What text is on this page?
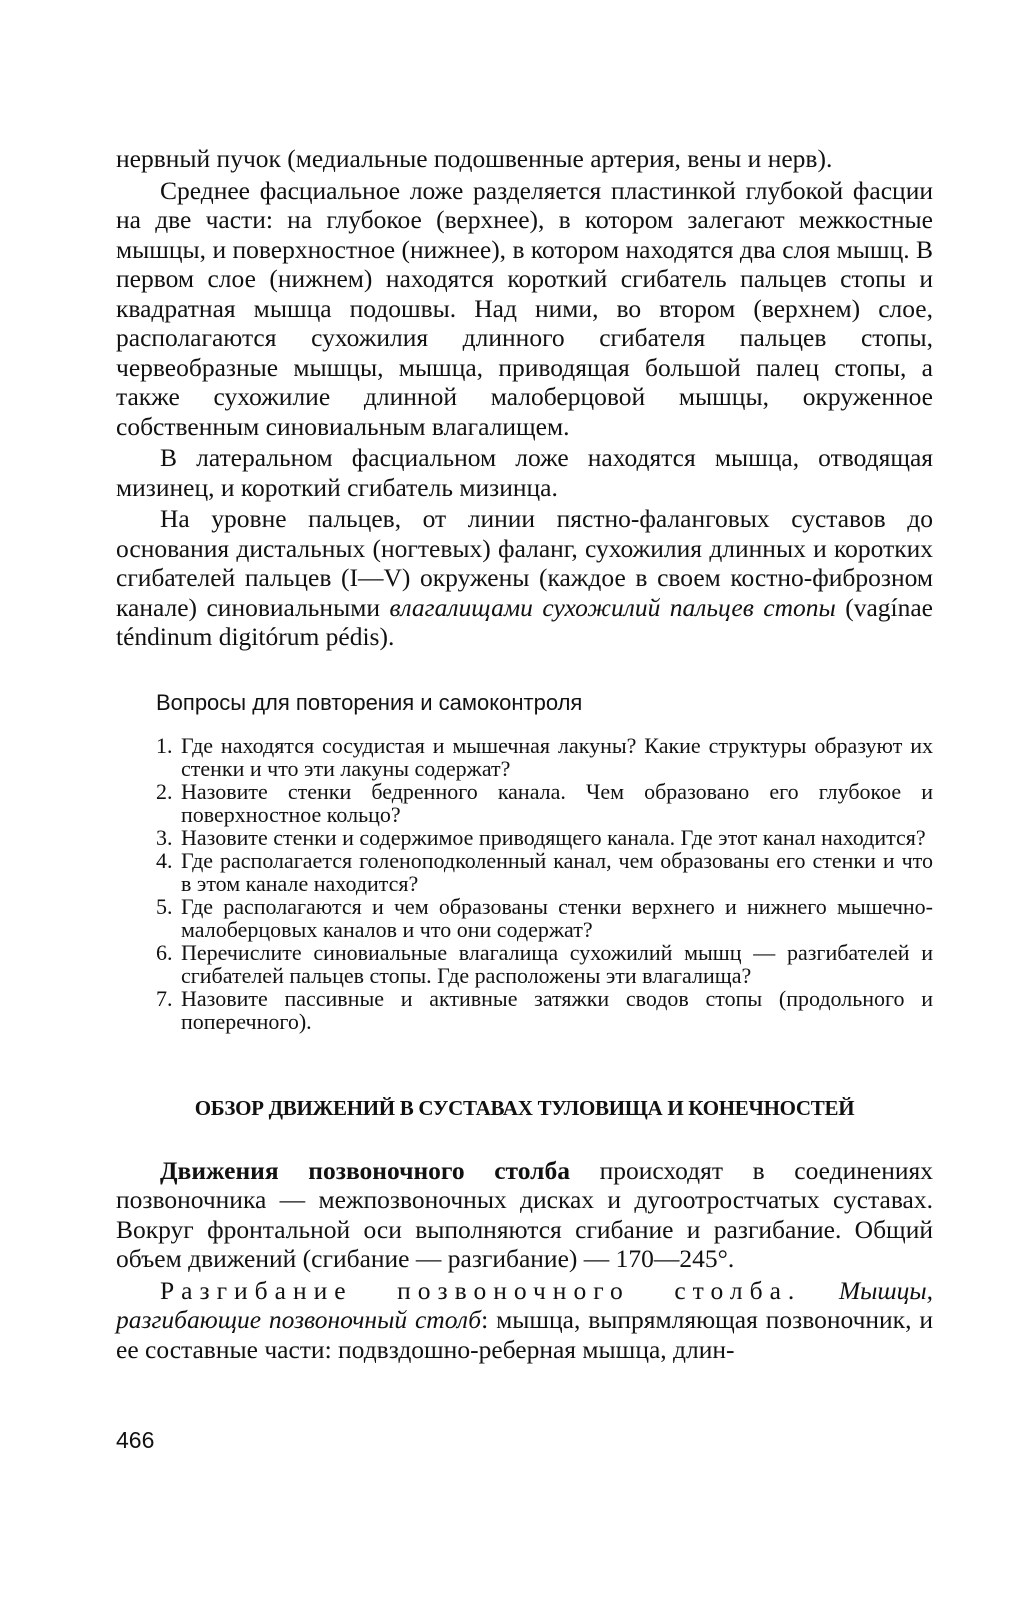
нервный пучок (медиальные подошвенные артерия, вены и нерв).

Среднее фасциальное ложе разделяется пластинкой глубокой фасции на две части: на глубокое (верхнее), в котором залегают межкостные мышцы, и поверхностное (нижнее), в котором находятся два слоя мышц. В первом слое (нижнем) находятся короткий сгибатель пальцев стопы и квадратная мышца подошвы. Над ними, во втором (верхнем) слое, располагаются сухожилия длинного сгибателя пальцев стопы, червеобразные мышцы, мышца, приводящая большой палец стопы, а также сухожилие длинной малоберцовой мышцы, окруженное собственным синовиальным влагалищем.

В латеральном фасциальном ложе находятся мышца, отводящая мизинец, и короткий сгибатель мизинца.

На уровне пальцев, от линии пястно-фаланговых суставов до основания дистальных (ногтевых) фаланг, сухожилия длинных и коротких сгибателей пальцев (I—V) окружены (каждое в своем костно-фиброзном канале) синовиальными влагалищами сухожилий пальцев стопы (vagínae téndinum digitórum pédis).

Вопросы для повторения и самоконтроля
1. Где находятся сосудистая и мышечная лакуны? Какие структуры образуют их стенки и что эти лакуны содержат?
2. Назовите стенки бедренного канала. Чем образовано его глубокое и поверхностное кольцо?
3. Назовите стенки и содержимое приводящего канала. Где этот канал находится?
4. Где располагается голеноподколенный канал, чем образованы его стенки и что в этом канале находится?
5. Где располагаются и чем образованы стенки верхнего и нижнего мышечно-малоберцовых каналов и что они содержат?
6. Перечислите синовиальные влагалища сухожилий мышц — разгибателей и сгибателей пальцев стопы. Где расположены эти влагалища?
7. Назовите пассивные и активные затяжки сводов стопы (продольного и поперечного).
ОБЗОР ДВИЖЕНИЙ В СУСТАВАХ ТУЛОВИЩА И КОНЕЧНОСТЕЙ

Движения позвоночного столба происходят в соединениях позвоночника — межпозвоночных дисках и дугоотростчатых суставах. Вокруг фронтальной оси выполняются сгибание и разгибание. Общий объем движений (сгибание — разгибание) — 170—245°.

Разгибание позвоночного столба. Мышцы, разгибающие позвоночный столб: мышца, выпрямляющая позвоночник, и ее составные части: подвздошно-реберная мышца, длин-

466
